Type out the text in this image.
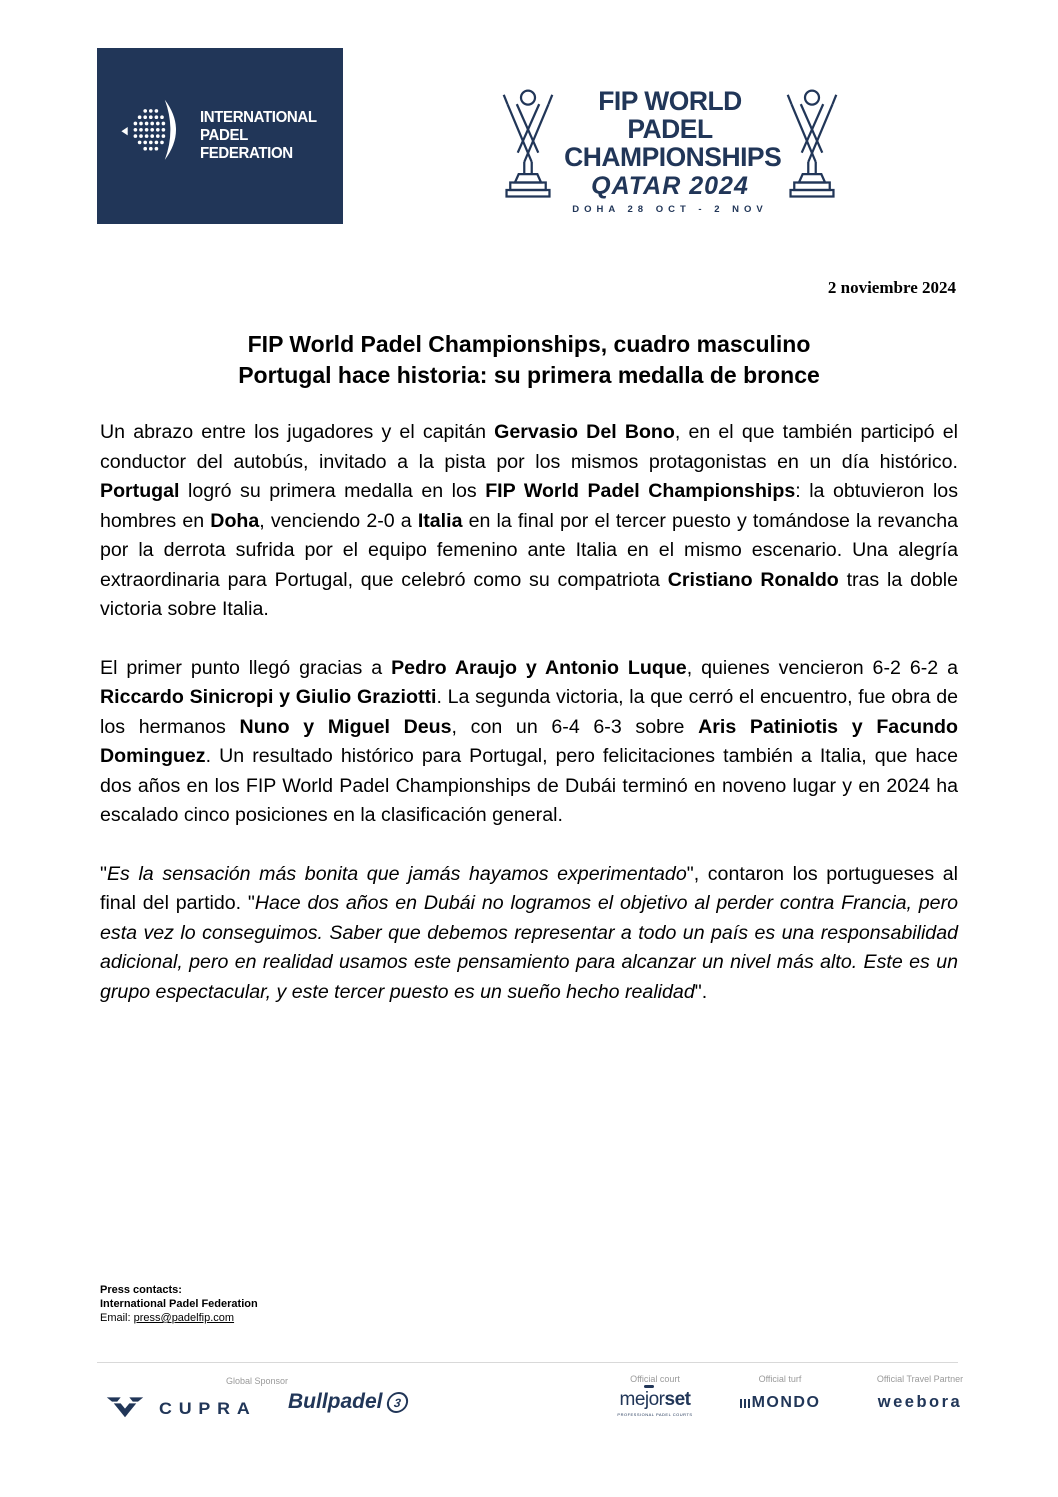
INTERNATIONAL
PADEL
FEDERATION
FIP WORLD PADEL
CHAMPIONSHIPS
QATAR 2024
DOHA 28 OCT - 2 NOV
2 noviembre 2024
FIP World Padel Championships, cuadro masculino
Portugal hace historia: su primera medalla de bronce

Un abrazo entre los jugadores y el capitán Gervasio Del Bono, en el que también participó el conductor del autobús, invitado a la pista por los mismos protagonistas en un día histórico. Portugal logró su primera medalla en los FIP World Padel Championships: la obtuvieron los hombres en Doha, venciendo 2-0 a Italia en la final por el tercer puesto y tomándose la revancha por la derrota sufrida por el equipo femenino ante Italia en el mismo escenario. Una alegría extraordinaria para Portugal, que celebró como su compatriota Cristiano Ronaldo tras la doble victoria sobre Italia.

El primer punto llegó gracias a Pedro Araujo y Antonio Luque, quienes vencieron 6-2 6-2 a Riccardo Sinicropi y Giulio Graziotti. La segunda victoria, la que cerró el encuentro, fue obra de los hermanos Nuno y Miguel Deus, con un 6-4 6-3 sobre Aris Patiniotis y Facundo Dominguez. Un resultado histórico para Portugal, pero felicitaciones también a Italia, que hace dos años en los FIP World Padel Championships de Dubái terminó en noveno lugar y en 2024 ha escalado cinco posiciones en la clasificación general.

"Es la sensación más bonita que jamás hayamos experimentado", contaron los portugueses al final del partido. "Hace dos años en Dubái no logramos el objetivo al perder contra Francia, pero esta vez lo conseguimos. Saber que debemos representar a todo un país es una responsabilidad adicional, pero en realidad usamos este pensamiento para alcanzar un nivel más alto. Este es un grupo espectacular, y este tercer puesto es un sueño hecho realidad".

Press contacts:
International Padel Federation
Email: press@padelfip.com
Global Sponsor	Official court	Official turf	Official Travel Partner
CUPRA Bullpadel 3	mejorset
PROFESSIONAL PADEL COURTS
MONDO	weebora
